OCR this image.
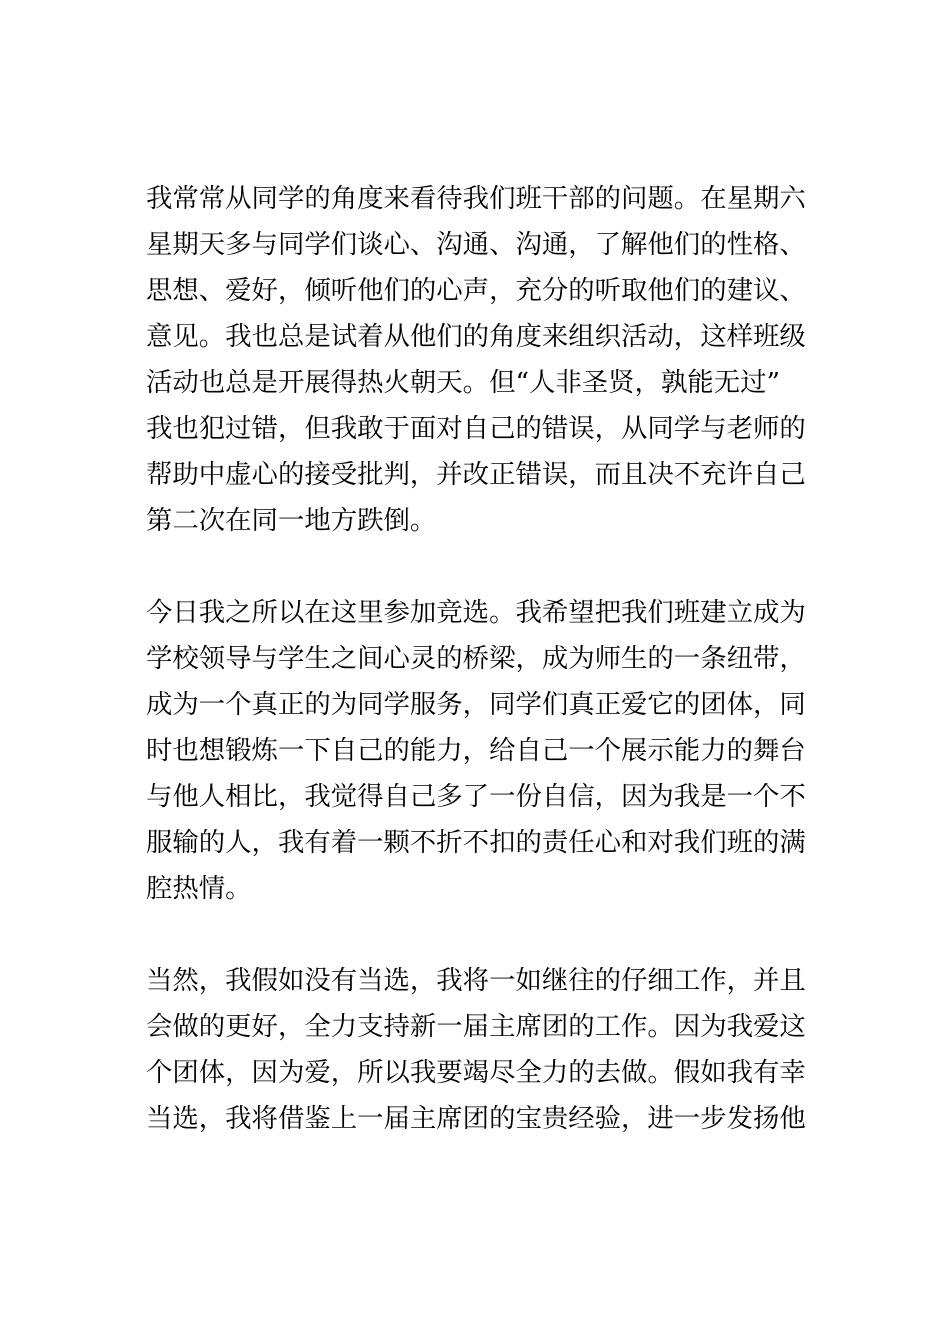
我常常从同学的角度来看待我们班干部的问题。在星期六
星期天多与同学们谈心、沟通、沟通，了解他们的性格、
思想、爱好，倾听他们的心声，充分的听取他们的建议、
意见。我也总是试着从他们的角度来组织活动，这样班级
活动也总是开展得热火朝天。但“人非圣贤，孰能无过”
我也犯过错，但我敢于面对自己的错误，从同学与老师的
帮助中虚心的接受批判，并改正错误，而且决不充许自己
第二次在同一地方跌倒。

今日我之所以在这里参加竞选。我希望把我们班建立成为
学校领导与学生之间心灵的桥梁，成为师生的一条纽带，
成为一个真正的为同学服务，同学们真正爱它的团体，同
时也想锻炼一下自己的能力，给自己一个展示能力的舞台
与他人相比，我觉得自己多了一份自信，因为我是一个不
服输的人，我有着一颗不折不扣的责任心和对我们班的满
腔热情。

当然，我假如没有当选，我将一如继往的仔细工作，并且
会做的更好，全力支持新一届主席团的工作。因为我爱这
个团体，因为爱，所以我要竭尽全力的去做。假如我有幸
当选，我将借鉴上一届主席团的宝贵经验，进一步发扬他
